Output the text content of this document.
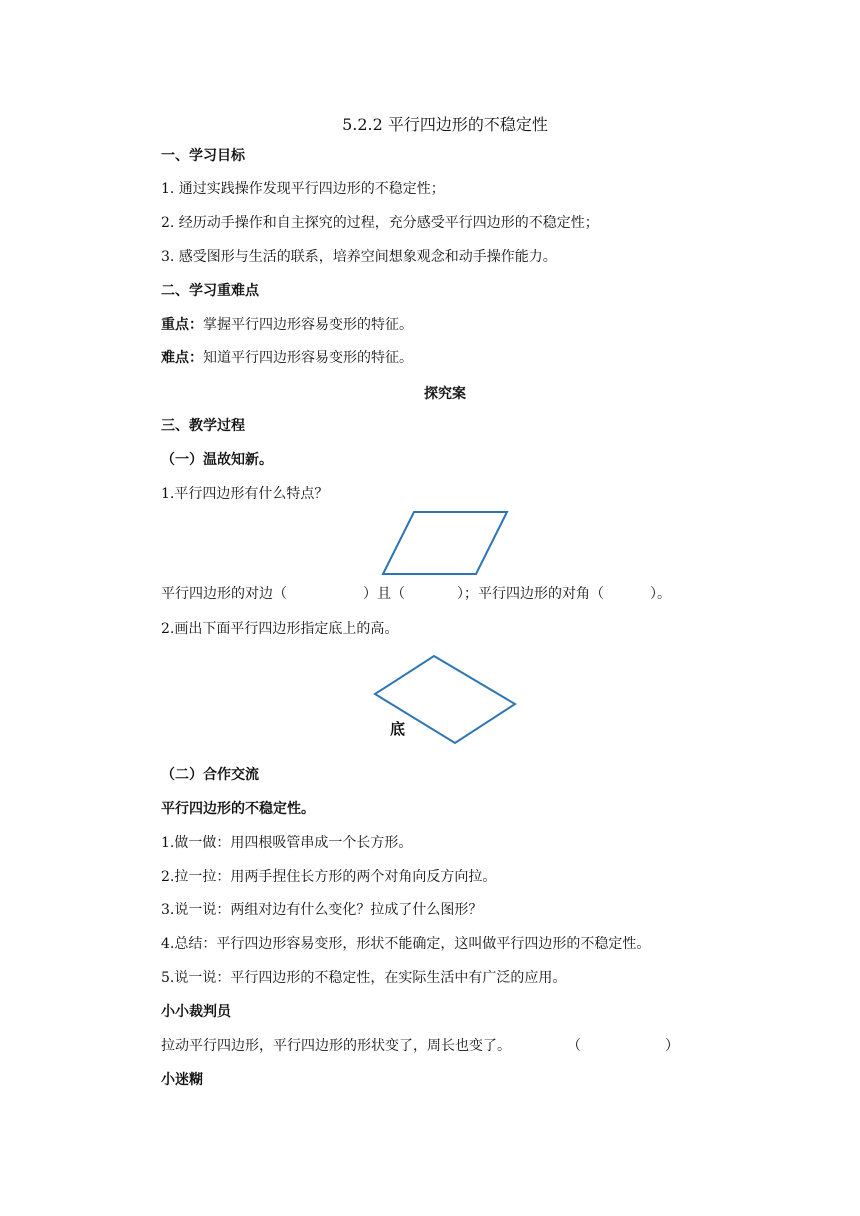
5.2.2 平行四边形的不稳定性
一、学习目标
1. 通过实践操作发现平行四边形的不稳定性；
2. 经历动手操作和自主探究的过程，充分感受平行四边形的不稳定性；
3. 感受图形与生活的联系，培养空间想象观念和动手操作能力。
二、学习重难点
重点：掌握平行四边形容易变形的特征。
难点：知道平行四边形容易变形的特征。
探究案
三、教学过程
（一）温故知新。
1.平行四边形有什么特点？
平行四边形的对边（	）且（	）；平行四边形的对角（	）。
2.画出下面平行四边形指定底上的高。
底
（二）合作交流
平行四边形的不稳定性。
1.做一做：用四根吸管串成一个长方形。
2.拉一拉：用两手捏住长方形的两个对角向反方向拉。
3.说一说：两组对边有什么变化？拉成了什么图形？
4.总结：平行四边形容易变形，形状不能确定，这叫做平行四边形的不稳定性。
5.说一说：平行四边形的不稳定性，在实际生活中有广泛的应用。
小小裁判员
拉动平行四边形，平行四边形的形状变了，周长也变了。	（	）
小迷糊
